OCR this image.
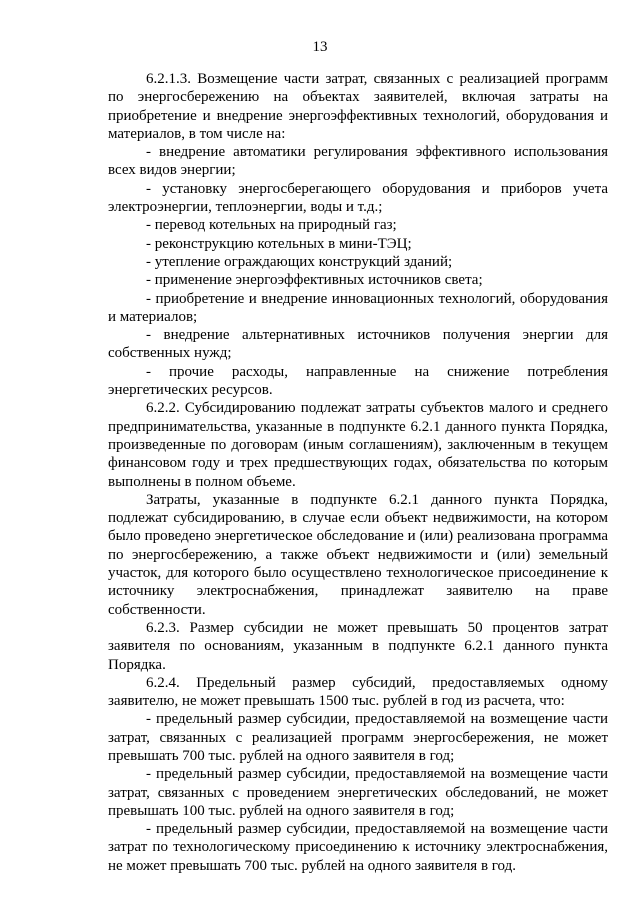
13

6.2.1.3. Возмещение части затрат, связанных с реализацией программ по энергосбережению на объектах заявителей, включая затраты на приобретение и внедрение энергоэффективных технологий, оборудования и материалов, в том числе на:

- внедрение автоматики регулирования эффективного использования всех видов энергии;

- установку энергосберегающего оборудования и приборов учета электроэнергии, теплоэнергии, воды и т.д.;

- перевод котельных на природный газ;

- реконструкцию котельных в мини-ТЭЦ;

- утепление ограждающих конструкций зданий;

- применение энергоэффективных источников света;

- приобретение и внедрение инновационных технологий, оборудования и материалов;

- внедрение альтернативных источников получения энергии для собственных нужд;

- прочие расходы, направленные на снижение потребления энергетических ресурсов.

6.2.2. Субсидированию подлежат затраты субъектов малого и среднего предпринимательства, указанные в подпункте 6.2.1 данного пункта Порядка, произведенные по договорам (иным соглашениям), заключенным в текущем финансовом году и трех предшествующих годах, обязательства по которым выполнены в полном объеме.

Затраты, указанные в подпункте 6.2.1 данного пункта Порядка, подлежат субсидированию, в случае если объект недвижимости, на котором было проведено энергетическое обследование и (или) реализована программа по энергосбережению, а также объект недвижимости и (или) земельный участок, для которого было осуществлено технологическое присоединение к источнику электроснабжения, принадлежат заявителю на праве собственности.

6.2.3. Размер субсидии не может превышать 50 процентов затрат заявителя по основаниям, указанным в подпункте 6.2.1 данного пункта Порядка.

6.2.4. Предельный размер субсидий, предоставляемых одному заявителю, не может превышать 1500 тыс. рублей в год из расчета, что:

- предельный размер субсидии, предоставляемой на возмещение части затрат, связанных с реализацией программ энергосбережения, не может превышать 700 тыс. рублей на одного заявителя в год;

- предельный размер субсидии, предоставляемой на возмещение части затрат, связанных с проведением энергетических обследований, не может превышать 100 тыс. рублей на одного заявителя в год;

- предельный размер субсидии, предоставляемой на возмещение части затрат по технологическому присоединению к источнику электроснабжения, не может превышать 700 тыс. рублей на одного заявителя в год.
